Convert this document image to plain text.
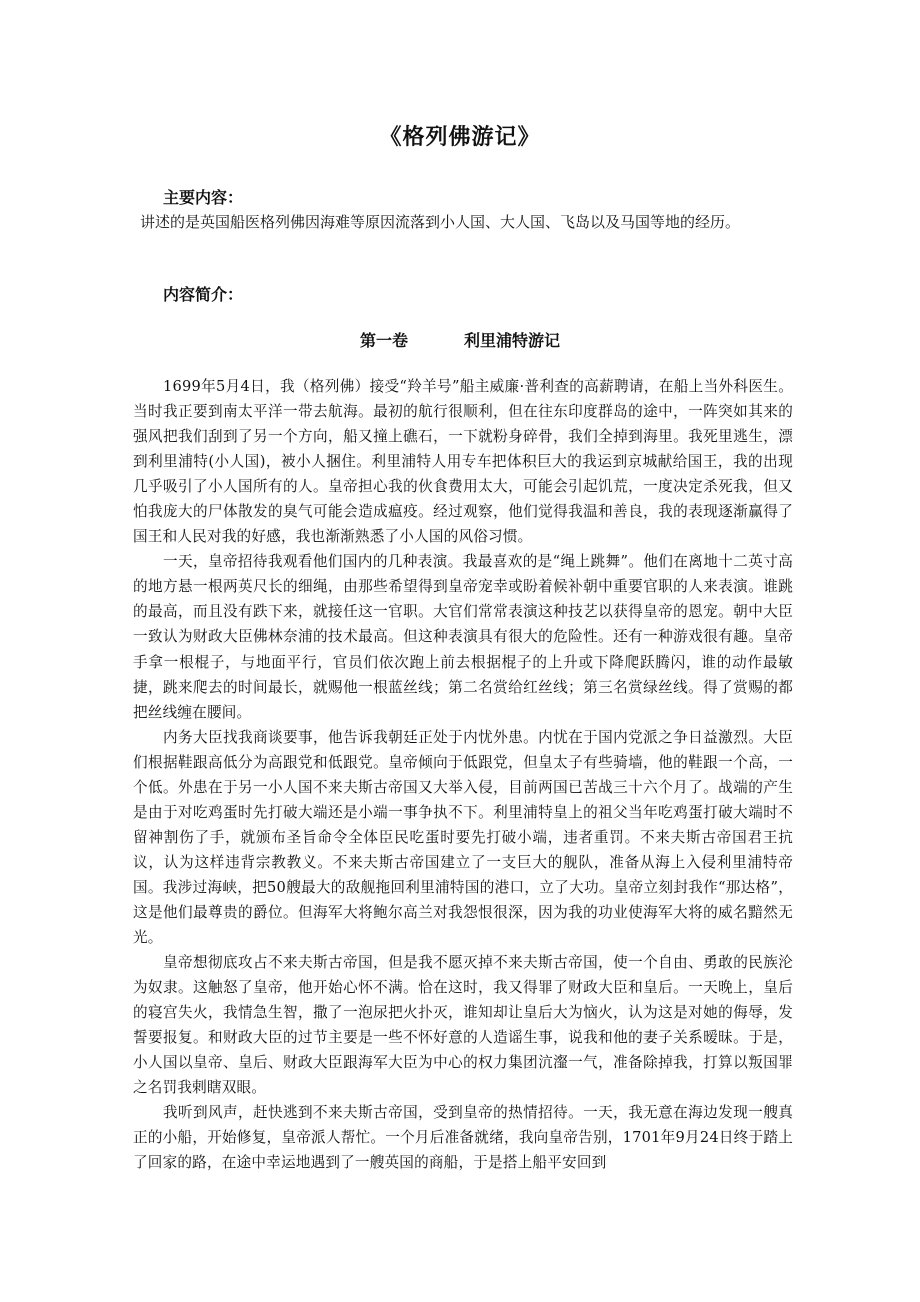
《格列佛游记》
主要内容：
讲述的是英国船医格列佛因海难等原因流落到小人国、大人国、飞岛以及马国等地的经历。
内容简介：
第一卷	利里浦特游记

1699年5月4日，我（格列佛）接受“羚羊号”船主威廉·普利查的高薪聘请，在船上当外科医生。当时我正要到南太平洋一带去航海。最初的航行很顺利，但在往东印度群岛的途中，一阵突如其来的强风把我们刮到了另一个方向，船又撞上礁石，一下就粉身碎骨，我们全掉到海里。我死里逃生，漂到利里浦特(小人国)，被小人捆住。利里浦特人用专车把体积巨大的我运到京城献给国王，我的出现几乎吸引了小人国所有的人。皇帝担心我的伙食费用太大，可能会引起饥荒，一度决定杀死我，但又怕我庞大的尸体散发的臭气可能会造成瘟疫。经过观察，他们觉得我温和善良，我的表现逐渐赢得了国王和人民对我的好感，我也渐渐熟悉了小人国的风俗习惯。

一天，皇帝招待我观看他们国内的几种表演。我最喜欢的是“绳上跳舞”。他们在离地十二英寸高的地方悬一根两英尺长的细绳，由那些希望得到皇帝宠幸或盼着候补朝中重要官职的人来表演。谁跳的最高，而且没有跌下来，就接任这一官职。大官们常常表演这种技艺以获得皇帝的恩宠。朝中大臣一致认为财政大臣佛林奈浦的技术最高。但这种表演具有很大的危险性。还有一种游戏很有趣。皇帝手拿一根棍子，与地面平行，官员们依次跑上前去根据棍子的上升或下降爬跃腾闪，谁的动作最敏捷，跳来爬去的时间最长，就赐他一根蓝丝线；第二名赏给红丝线；第三名赏绿丝线。得了赏赐的都把丝线缠在腰间。

内务大臣找我商谈要事，他告诉我朝廷正处于内忧外患。内忧在于国内党派之争日益激烈。大臣们根据鞋跟高低分为高跟党和低跟党。皇帝倾向于低跟党，但皇太子有些骑墙，他的鞋跟一个高，一个低。外患在于另一小人国不来夫斯古帝国又大举入侵，目前两国已苦战三十六个月了。战端的产生是由于对吃鸡蛋时先打破大端还是小端一事争执不下。利里浦特皇上的祖父当年吃鸡蛋打破大端时不留神割伤了手，就颁布圣旨命令全体臣民吃蛋时要先打破小端，违者重罚。不来夫斯古帝国君王抗议，认为这样违背宗教教义。不来夫斯古帝国建立了一支巨大的舰队，准备从海上入侵利里浦特帝国。我涉过海峡，把50艘最大的敌舰拖回利里浦特国的港口，立了大功。皇帝立刻封我作“那达格”，这是他们最尊贵的爵位。但海军大将鲍尔高兰对我怨恨很深，因为我的功业使海军大将的威名黯然无光。

皇帝想彻底攻占不来夫斯古帝国，但是我不愿灭掉不来夫斯古帝国，使一个自由、勇敢的民族沦为奴隶。这触怒了皇帝，他开始心怀不满。恰在这时，我又得罪了财政大臣和皇后。一天晚上，皇后的寝宫失火，我情急生智，撒了一泡尿把火扑灭，谁知却让皇后大为恼火，认为这是对她的侮辱，发誓要报复。和财政大臣的过节主要是一些不怀好意的人造谣生事，说我和他的妻子关系暧昧。于是，小人国以皇帝、皇后、财政大臣跟海军大臣为中心的权力集团沆瀣一气，准备除掉我，打算以叛国罪之名罚我剌瞎双眼。

我听到风声，赶快逃到不来夫斯古帝国，受到皇帝的热情招待。一天，我无意在海边发现一艘真正的小船，开始修复，皇帝派人帮忙。一个月后准备就绪，我向皇帝告别，1701年9月24日终于踏上了回家的路，在途中幸运地遇到了一艘英国的商船，于是搭上船平安回到
